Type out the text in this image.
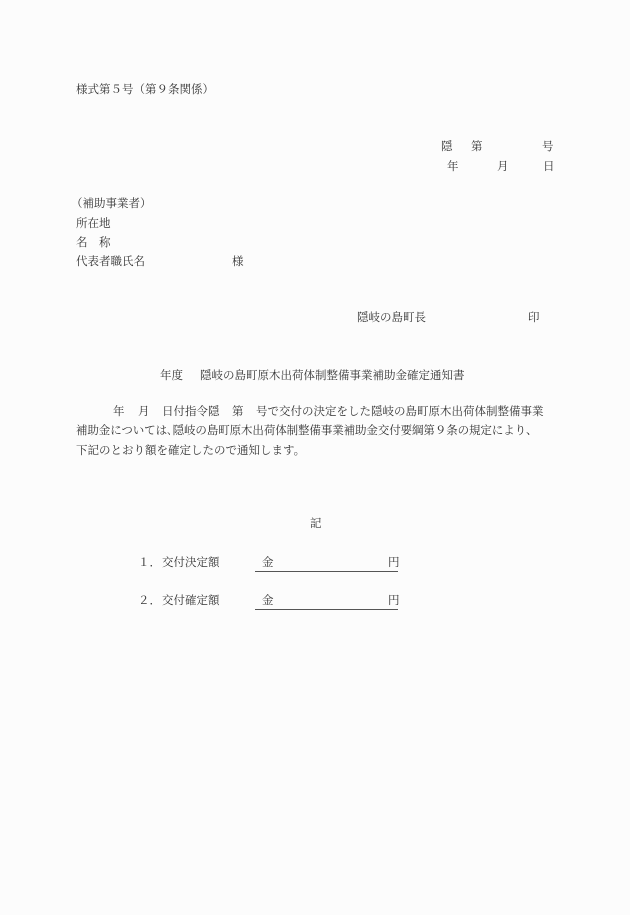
様式第５号（第９条関係）
隠 第	号
年	月	日
（補助事業者）
所在地
名　称
代表者職氏名	様
隠岐の島町長	印
年度 隠岐の島町原木出荷体制整備事業補助金確定通知書
年 月 日付指令隠 第 号で交付の決定をした隠岐の島町原木出荷体制整備事業
補助金については､隠岐の島町原木出荷体制整備事業補助金交付要綱第９条の規定により、
下記のとおり額を確定したので通知します。
記
１． 交付決定額	金	円
２． 交付確定額	金	円
